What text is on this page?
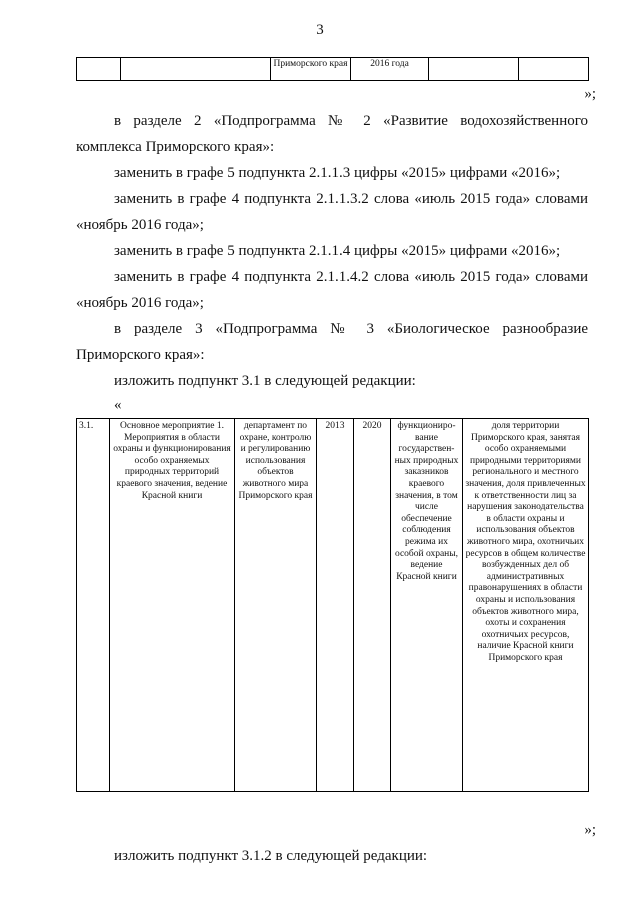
3
		Приморского края	2016 года		
»;
в разделе 2 «Подпрограмма № 2 «Развитие водохозяйственного
комплекса Приморского края»:
заменить в графе 5 подпункта 2.1.1.3 цифры «2015» цифрами «2016»;
заменить в графе 4 подпункта 2.1.1.3.2 слова «июль 2015 года» словами
«ноябрь 2016 года»;
заменить в графе 5 подпункта 2.1.1.4 цифры «2015» цифрами «2016»;
заменить в графе 4 подпункта 2.1.1.4.2 слова «июль 2015 года» словами
«ноябрь 2016 года»;
в разделе 3 «Подпрограмма № 3 «Биологическое разнообразие
Приморского края»:
изложить подпункт 3.1 в следующей редакции:
«
3.1.	Основное мероприятие 1. Мероприятия в области охраны и функционирования особо охраняемых природных территорий краевого значения, ведение Красной книги	департамент по охране, контролю и регулированию использования объектов животного мира Приморского края	2013	2020	функциониро-вание государствен-ных природных заказников краевого значения, в том числе обеспечение соблюдения режима их особой охраны, ведение Красной книги	доля территории Приморского края, занятая особо охраняемыми природными территориями регионального и местного значения, доля привлеченных к ответственности лиц за нарушения законодательства в области охраны и использования объектов животного мира, охотничьих ресурсов в общем количестве возбужденных дел об административных правонарушениях в области охраны и использования объектов животного мира, охоты и сохранения охотничьих ресурсов, наличие Красной книги Приморского края
»;
изложить подпункт 3.1.2 в следующей редакции:
